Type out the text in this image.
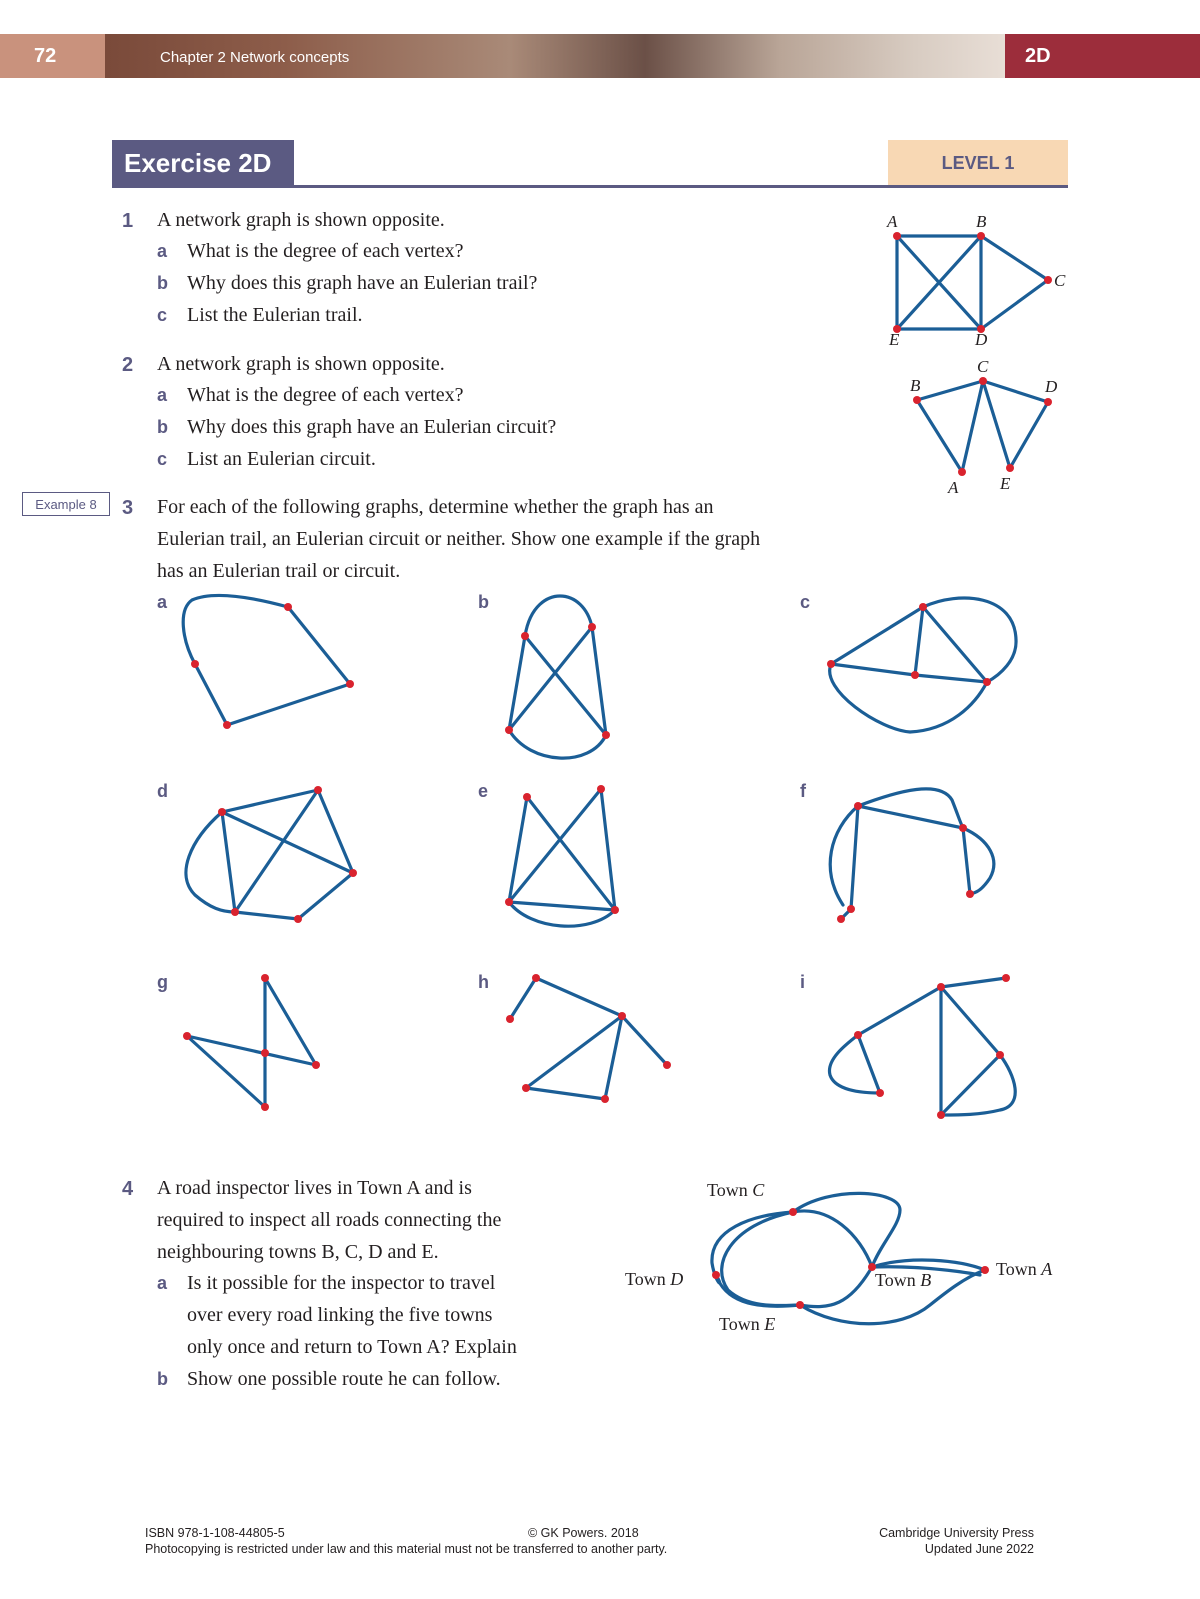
72	Chapter 2 Network concepts	2D
Exercise 2D	LEVEL 1
1 A network graph is shown opposite.
a What is the degree of each vertex?
b Why does this graph have an Eulerian trail?
c List the Eulerian trail.
A	B
C
D
E
2 A network graph is shown opposite.
a What is the degree of each vertex?
b Why does this graph have an Eulerian circuit?
c List an Eulerian circuit.
B
C
D
A E
Example 8	3 For each of the following graphs, determine whether the graph has an
Eulerian trail, an Eulerian circuit or neither. Show one example if the graph
has an Eulerian trail or circuit.
a	b	c
d	e	f
g	h	i
4 A road inspector lives in Town A and is
required to inspect all roads connecting the
neighbouring towns B, C, D and E.
a Is it possible for the inspector to travel
over every road linking the five towns
only once and return to Town A? Explain
b Show one possible route he can follow.
Town C
Town D	Town B
Town A
Town E
ISBN 978-1-108-44805-5	© GK Powers. 2018	Cambridge University Press
Photocopying is restricted under law and this material must not be transferred to another party.	Updated June 2022
